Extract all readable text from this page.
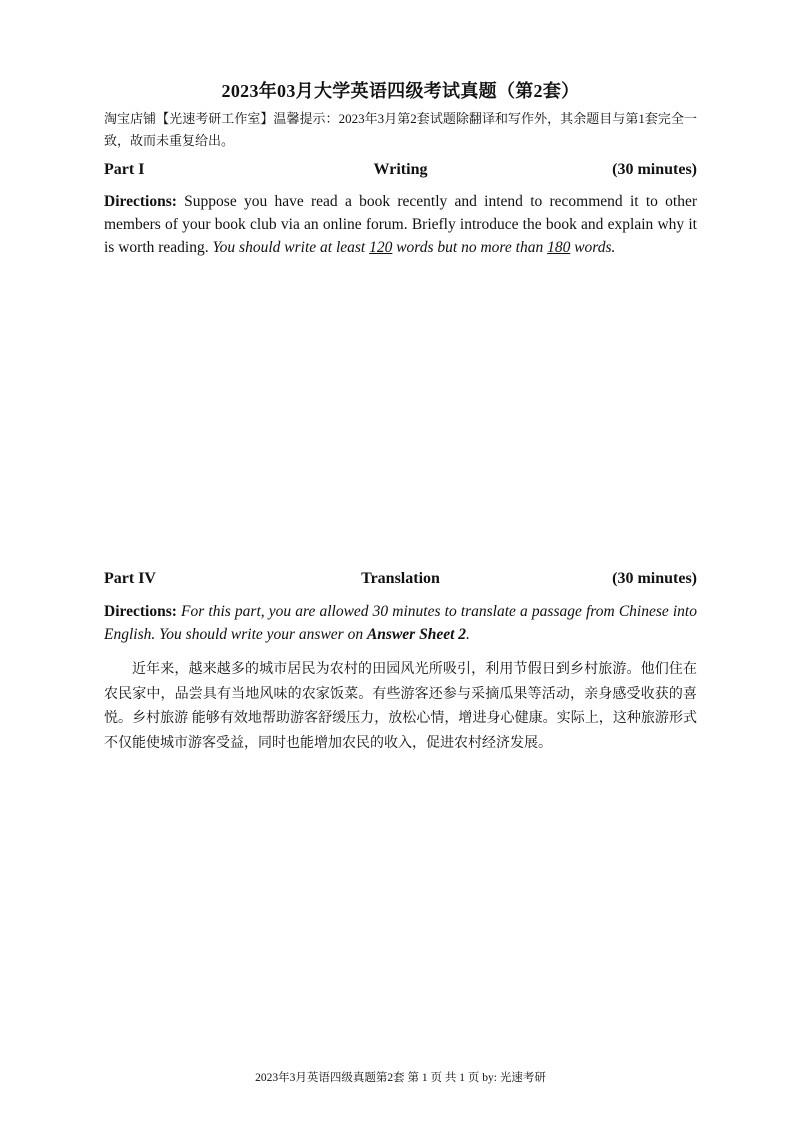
2023年03月大学英语四级考试真题（第2套）
淘宝店铺【光速考研工作室】温馨提示：2023年3月第2套试题除翻译和写作外，其余题目与第1套完全一致，故而未重复给出。
Part I	Writing	(30 minutes)
Directions: Suppose you have read a book recently and intend to recommend it to other members of your book club via an online forum. Briefly introduce the book and explain why it is worth reading. You should write at least 120 words but no more than 180 words.
Part IV	Translation	(30 minutes)
Directions: For this part, you are allowed 30 minutes to translate a passage from Chinese into English. You should write your answer on Answer Sheet 2.
近年来，越来越多的城市居民为农村的田园风光所吸引，利用节假日到乡村旅游。他们住在农民家中，品尝具有当地风味的农家饭菜。有些游客还参与采摘瓜果等活动，亲身感受收获的喜悦。乡村旅游 能够有效地帮助游客舒缓压力，放松心情，增进身心健康。实际上，这种旅游形式不仅能使城市游客受益，同时也能增加农民的收入，促进农村经济发展。
2023年3月英语四级真题第2套 第 1 页 共 1 页 by: 光速考研
